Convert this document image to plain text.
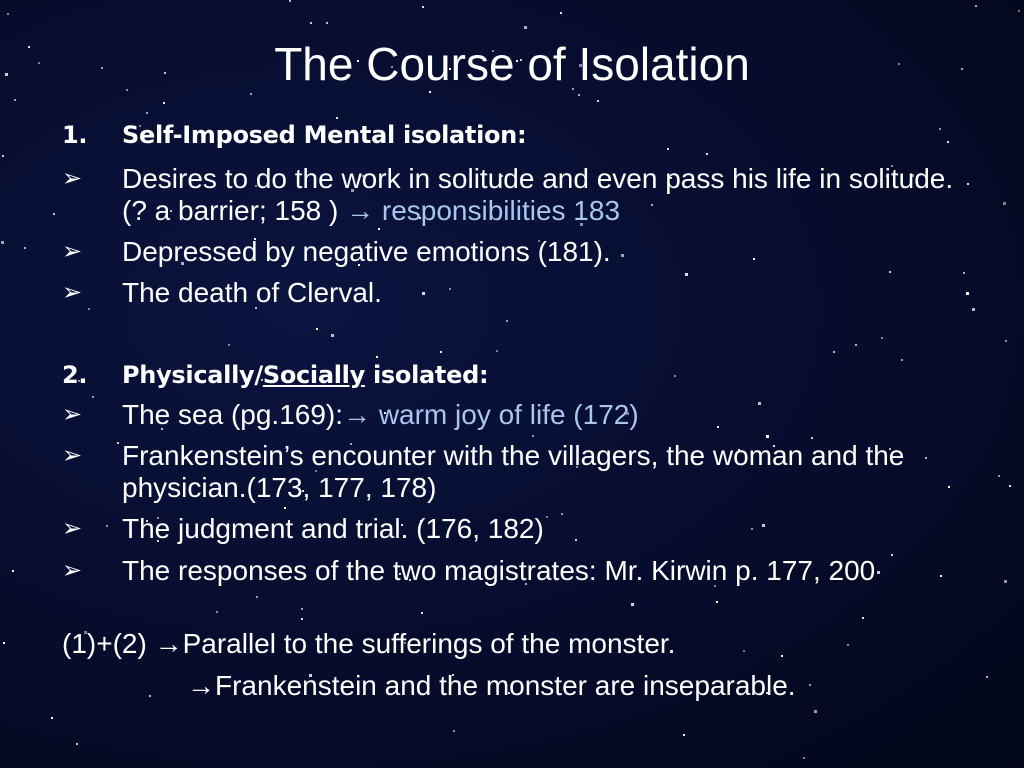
The Course of Isolation
1. Self-Imposed Mental isolation:
➢	Desires to do the work in solitude and even pass his life in solitude.(? a barrier; 158 ) → responsibilities 183
➢	Depressed by negative emotions (181).
➢	The death of Clerval.
2. Physically/Socially isolated:
➢	The sea (pg.169):→ warm joy of life (172)
➢	Frankenstein’s encounter with the villagers, the woman and the physician.(173, 177, 178)
➢	The judgment and trial. (176, 182)
➢	The responses of the two magistrates: Mr. Kirwin p. 177, 200
(1)+(2) →Parallel to the sufferings of the monster.
→Frankenstein and the monster are inseparable.
